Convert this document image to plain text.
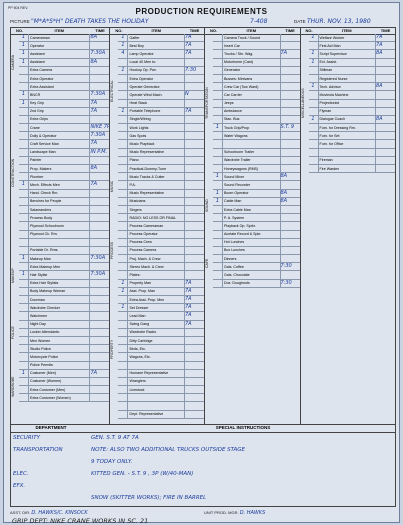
PP 504 REV.	PRODUCTION REQUIREMENTS
PICTURE "M*A*S*H" DEATH TAKES THE HOLIDAY	7-408	DATE THUR. NOV. 13, 1980
NO.	ITEM	TIME
1	Cameraman	8A
1	Operator
1	Assistant	7:30A
1	Assistant	8A
Extra Camera
Extra Operator
Extra Assistant
CAMERA
1	BNCR	7:30A
1	Key Grip	7A
2nd Grip	7A
Extra Grips
Crane	NIKE 7P
Dolly & Operator	7:30A
Craft Service Man	7A
Landscape Man	IN P.M.
Painter
Prop. Makers	8A
Plumber
1	Mech. Effects Men	7A
Hand. Check Rm.
Benches for People
Salamanders
Process Body
Plywood Schoolroom
Plywood Ck. Rm.
Portable Dr. Rms.
CONSTRUCTION
1	Makeup Man	7:30A
Extra Makeup Men
1	Hair Stylist	7:30A
Extra Hair Stylists
Body Makeup Woman
MAKEUP
Doorman
Wardrobe Checker
Watchmen
Night Day
Locker Attendants:
Men Women
Studio Police
Motorcycle Police
Police Permits
POLICE
1	Costumer (Men)	7A
Costumer (Women)
Extra Costumer (Men)
Extra Costumer (Women)
WARDROBE
NO.	ITEM	TIME
1	Gaffer	7A
1	Best Boy	7A
4	Lamp Operator	7A
Local 40 Men to:
1	Hookup Op. Pwr.	7:30
Extra Operator
Operate Generator
Operate Wind Mach.	N
Heat Stack
1	Portable Telephone	7A
Single/Wiring
Work Lights
Gas Spots
Music Playback
ELECTRICAL
Music Representative
Piano
Practical-Dummy-Tune
Music Tracks & Cutter
P.A.
Music Representative
Musicians
Singers
RADIO: NO LESS OR FINAL
MUSIC
Process Cameraman
Process Operator
Process Crew
Process Camera
Proj. Mach. & Crew
Stereo Mach. & Crew
Plates:
PROCESS
1	Property Man	7A
1	Asst. Prop. Man	7A
Extra Asst. Prop. Men	7A
1	Set Dresser	7A
Lead Man	7A
Swing Gang	7A
Wardrobe Racks
Ditty Cartridge
Birds, Etc.
Wagons, Etc.
Humane Representative
Wranglers
Livestock
Dept. Representative
PROPERTY
NO.	ITEM	TIME
Camera Truck / Sound
Insert Car
Trucks / Stn. Wag.	7A
Motorhome (Cast)
Generator
Busses: Mintvans
Crew Car (Tow Ward)
Car Carrier
Jeeps
Ambulance
Stac. Bus
1	Truck Grip/Prop	S.T. 9
Water Wagons
Schoolroom Trailer
Wardrobe Trailer
Honeywagons (RMS)
TRANSPORTATION
1	Sound Mixer	8A
Sound Recorder
1	Boom Operator	8A
1	Cable Man	8A
Extra Cable Man
P. A. System
Playback Op. Sprkr.
Acetate Record & Spkr.
SOUND
Hot Lunches
Box Lunches
Dinners
Gals. Coffee	7:30
Gals. Chocolate
Doz. Doughnuts	7:30
CAFE
NO.	ITEM	TIME
1	Welfare Worker	7A
First Aid Man	7A
1	Script Supervisor	8A
1	Ext. Assist.
Stillman
Registered Nurse
1	Tech. Advisor	8A
Movieola Machine
Projectionist
Flyman
1	Dialogue Coach	8A
Furn. for Dressing Rm.
Furn. for Set
Furn. for Office
Fireman
Fire Warden
MISCELLANEOUS
DEPARTMENT	SPECIAL INSTRUCTIONS
SECURITY	GEN. S.T. 9 AT 7A
TRANSPORTATION	NOTE: ALSO TWO ADDITIONAL TRUCKS OUTSIDE STAGE
9 TODAY ONLY.
ELEC.	KITTED GEN. - S.T. 9 , 3P (W/40-MAN)
EFX.
SNOW (SKITTER WORKS); FIRE IN BARREL
ASST. DIR. D. HAWKS/C. KINSOCK	UNIT PROD. MGR. D. HAWKS
GRIP DEPT: NIKE CRANE WORKS IN SC. 21
